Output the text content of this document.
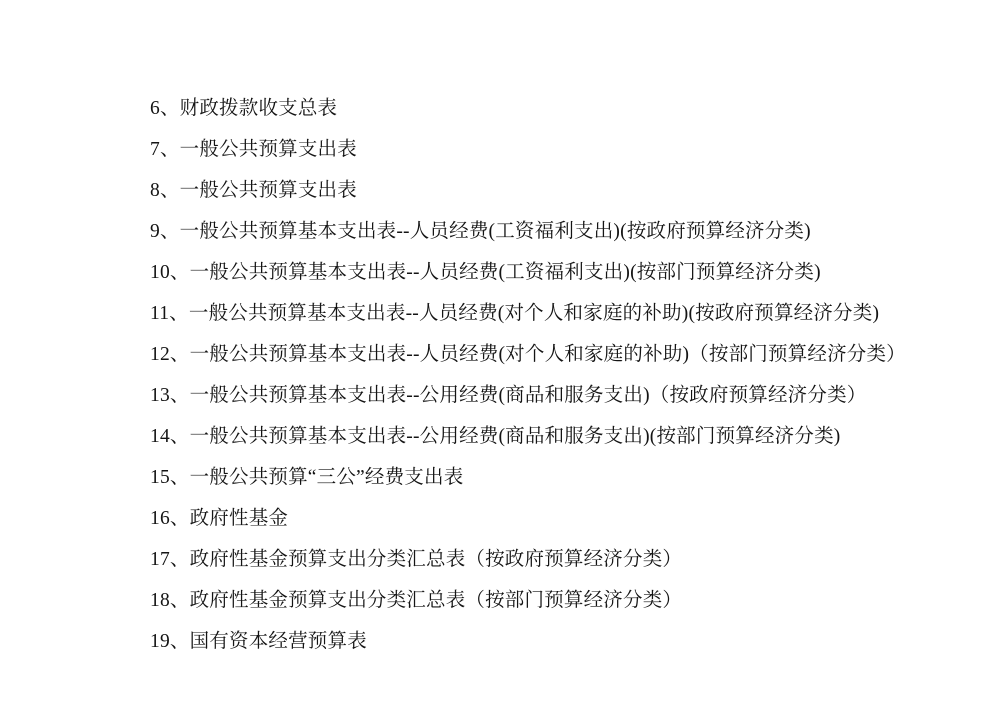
6、财政拨款收支总表
7、一般公共预算支出表
8、一般公共预算支出表
9、一般公共预算基本支出表--人员经费(工资福利支出)(按政府预算经济分类)
10、一般公共预算基本支出表--人员经费(工资福利支出)(按部门预算经济分类)
11、一般公共预算基本支出表--人员经费(对个人和家庭的补助)(按政府预算经济分类)
12、一般公共预算基本支出表--人员经费(对个人和家庭的补助)（按部门预算经济分类）
13、一般公共预算基本支出表--公用经费(商品和服务支出)（按政府预算经济分类）
14、一般公共预算基本支出表--公用经费(商品和服务支出)(按部门预算经济分类)
15、一般公共预算“三公”经费支出表
16、政府性基金
17、政府性基金预算支出分类汇总表（按政府预算经济分类）
18、政府性基金预算支出分类汇总表（按部门预算经济分类）
19、国有资本经营预算表
